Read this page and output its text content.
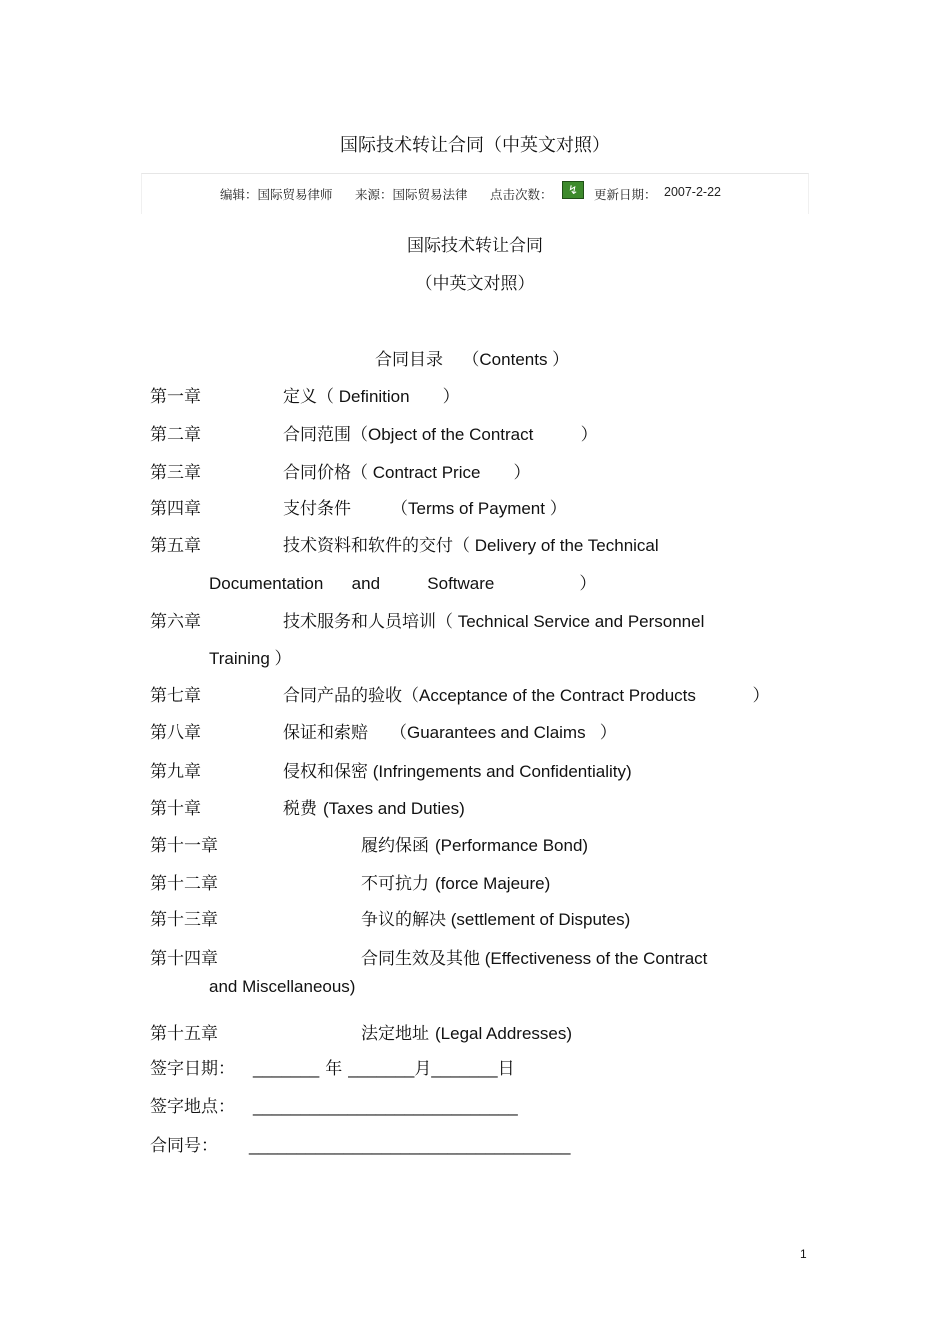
国际技术转让合同（中英文对照）
编辑：国际贸易律师 来源：国际贸易法律 点击次数：	↯	更新日期： 2007-2-22
国际技术转让合同
（中英文对照）
合同目录 （Contents ）
第一章	定义（ Definition       ）
第二章	合同范围（Object of the Contract          ）
第三章	合同价格（ Contract Price       ）
第四章	支付条件 （Terms of Payment ）
第五章	技术资料和软件的交付（ Delivery of the Technical
Documentation      and          Software                  ）
第六章	技术服务和人员培训（ Technical Service and Personnel
Training ）
第七章	合同产品的验收（Acceptance of the Contract Products            ）
第八章	保证和索赔 （Guarantees and Claims   ）
第九章	侵权和保密 (Infringements and Confidentiality)
第十章	税费 (Taxes and Duties)
第十一章	履约保函 (Performance Bond)
第十二章	不可抗力 (force Majeure)
第十三章	争议的解决 (settlement of Disputes)
第十四章	合同生效及其他 (Effectiveness of the Contract
and Miscellaneous)
第十五章	法定地址 (Legal Addresses)
签字日期： _______ 年 _______月_______日
签字地点： ____________________________
合同号： __________________________________
1
